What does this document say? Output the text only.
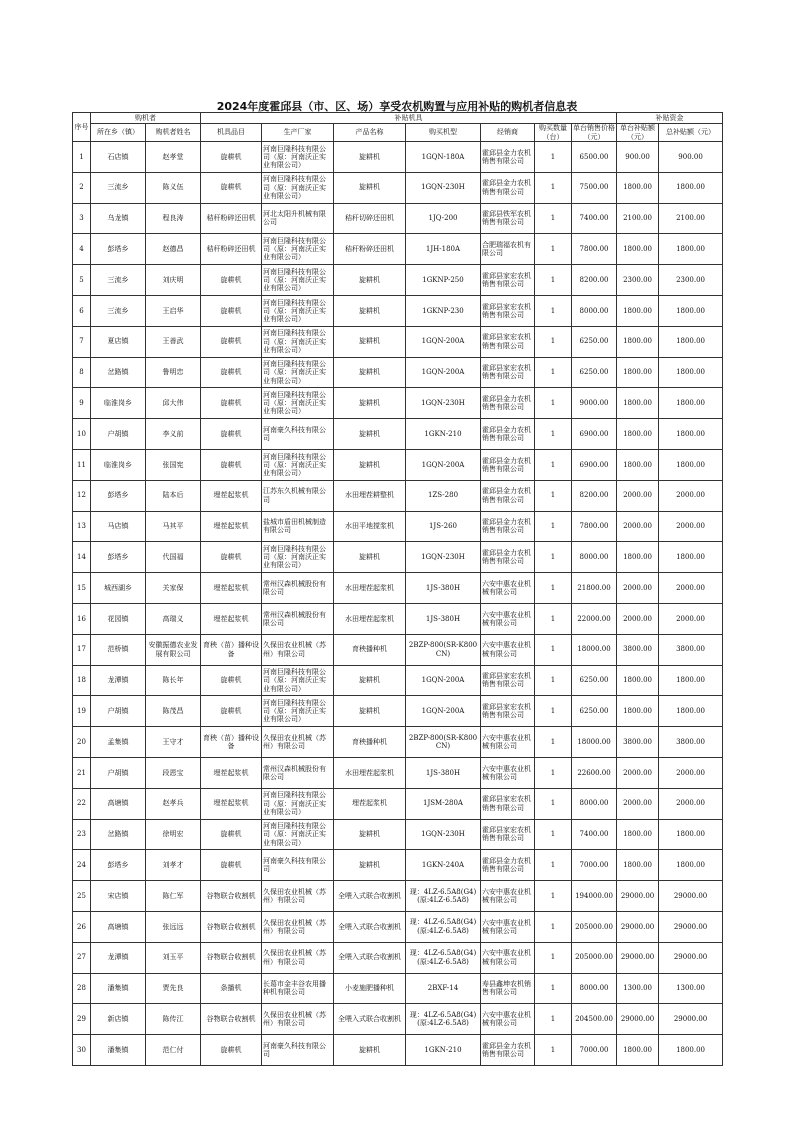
2024年度霍邱县（市、区、场）享受农机购置与应用补贴的购机者信息表
序号	购机者		补贴机具							补贴资金	
	所在乡（镇）	购机者姓名	机具品目	生产厂家	产品名称	购买机型	经销商	购买数量（台）	单台销售价格（元）	单台补贴额（元）	总补贴额（元）
1	石店镇	赵孝堂	旋耕机	河南巨隆科技有限公司（原：河南沃正实业有限公司）	旋耕机	1GQN-180A	霍邱县金力农机销售有限公司	1	6500.00	900.00	900.00
2	三流乡	陈义伍	旋耕机	河南巨隆科技有限公司（原：河南沃正实业有限公司）	旋耕机	1GQN-230H	霍邱县金力农机销售有限公司	1	7500.00	1800.00	1800.00
3	乌龙镇	程良涛	秸秆粉碎还田机	河北太阳升机械有限公司	秸秆切碎还田机	1JQ-200	霍邱县铁军农机销售有限公司	1	7400.00	2100.00	2100.00
4	彭塔乡	赵德昌	秸秆粉碎还田机	河南巨隆科技有限公司（原：河南沃正实业有限公司）	秸秆粉碎还田机	1JH-180A	合肥瑞福农机有限公司	1	7800.00	1800.00	1800.00
5	三流乡	刘庆明	旋耕机	河南巨隆科技有限公司（原：河南沃正实业有限公司）	旋耕机	1GKNP-250	霍邱县家宏农机销售有限公司	1	8200.00	2300.00	2300.00
6	三流乡	王启华	旋耕机	河南巨隆科技有限公司（原：河南沃正实业有限公司）	旋耕机	1GKNP-230	霍邱县家宏农机销售有限公司	1	8000.00	1800.00	1800.00
7	夏店镇	王善武	旋耕机	河南巨隆科技有限公司（原：河南沃正实业有限公司）	旋耕机	1GQN-200A	霍邱县家宏农机销售有限公司	1	6250.00	1800.00	1800.00
8	岔路镇	鲁明忠	旋耕机	河南巨隆科技有限公司（原：河南沃正实业有限公司）	旋耕机	1GQN-200A	霍邱县家宏农机销售有限公司	1	6250.00	1800.00	1800.00
9	临淮岗乡	邱大伟	旋耕机	河南巨隆科技有限公司（原：河南沃正实业有限公司）	旋耕机	1GQN-230H	霍邱县金力农机销售有限公司	1	9000.00	1800.00	1800.00
10	户胡镇	李义前	旋耕机	河南豪久科技有限公司	旋耕机	1GKN-210	霍邱县金力农机销售有限公司	1	6900.00	1800.00	1800.00
11	临淮岗乡	张国宪	旋耕机	河南巨隆科技有限公司（原：河南沃正实业有限公司）	旋耕机	1GQN-200A	霍邱县金力农机销售有限公司	1	6900.00	1800.00	1800.00
12	彭塔乡	陆本后	埋茬起浆机	江苏东久机械有限公司	水田埋茬耕整机	1ZS-280	霍邱县金力农机销售有限公司	1	8200.00	2000.00	2000.00
13	马店镇	马其平	埋茬起浆机	盐城市盾田机械制造有限公司	水田平地搅浆机	1JS-260	霍邱县金力农机销售有限公司	1	7800.00	2000.00	2000.00
14	彭塔乡	代国福	旋耕机	河南巨隆科技有限公司（原：河南沃正实业有限公司）	旋耕机	1GQN-230H	霍邱县金力农机销售有限公司	1	8000.00	1800.00	1800.00
15	城西湖乡	关家保	埋茬起浆机	常州汉森机械股份有限公司	水田埋茬起浆机	1JS-380H	六安中惠农业机械有限公司	1	21800.00	2000.00	2000.00
16	花园镇	高瑞义	埋茬起浆机	常州汉森机械股份有限公司	水田埋茬起浆机	1JS-380H	六安中惠农业机械有限公司	1	22000.00	2000.00	2000.00
17	范桥镇	安徽振德农业发展有限公司	育秧（苗）播种设备	久保田农业机械（苏州）有限公司	育秧播种机	2BZP-800(SR-K800CN)	六安中惠农业机械有限公司	1	18000.00	3800.00	3800.00
18	龙潭镇	陈长年	旋耕机	河南巨隆科技有限公司（原：河南沃正实业有限公司）	旋耕机	1GQN-200A	霍邱县家宏农机销售有限公司	1	6250.00	1800.00	1800.00
19	户胡镇	陈茂昌	旋耕机	河南巨隆科技有限公司（原：河南沃正实业有限公司）	旋耕机	1GQN-200A	霍邱县家宏农机销售有限公司	1	6250.00	1800.00	1800.00
20	孟集镇	王守才	育秧（苗）播种设备	久保田农业机械（苏州）有限公司	育秧播种机	2BZP-800(SR-K800CN)	六安中惠农业机械有限公司	1	18000.00	3800.00	3800.00
21	户胡镇	段恩宝	埋茬起浆机	常州汉森机械股份有限公司	水田埋茬起浆机	1JS-380H	六安中惠农业机械有限公司	1	22600.00	2000.00	2000.00
22	高塘镇	赵孝兵	埋茬起浆机	河南巨隆科技有限公司（原：河南沃正实业有限公司）	埋茬起浆机	1JSM-280A	霍邱县家宏农机销售有限公司	1	8000.00	2000.00	2000.00
23	岔路镇	徐明宏	旋耕机	河南巨隆科技有限公司（原：河南沃正实业有限公司）	旋耕机	1GQN-230H	霍邱县家宏农机销售有限公司	1	7400.00	1800.00	1800.00
24	彭塔乡	刘孝才	旋耕机	河南豪久科技有限公司	旋耕机	1GKN-240A	霍邱县金力农机销售有限公司	1	7000.00	1800.00	1800.00
25	宋店镇	陈仁军	谷物联合收割机	久保田农业机械（苏州）有限公司	全喂入式联合收割机	现：4LZ-6.5A8(G4)(原:4LZ-6.5A8)	六安中惠农业机械有限公司	1	194000.00	29000.00	29000.00
26	高塘镇	张远远	谷物联合收割机	久保田农业机械（苏州）有限公司	全喂入式联合收割机	现：4LZ-6.5A8(G4)(原:4LZ-6.5A8)	六安中惠农业机械有限公司	1	205000.00	29000.00	29000.00
27	龙潭镇	刘玉平	谷物联合收割机	久保田农业机械（苏州）有限公司	全喂入式联合收割机	现：4LZ-6.5A8(G4)(原:4LZ-6.5A8)	六安中惠农业机械有限公司	1	205000.00	29000.00	29000.00
28	潘集镇	贾先良	条播机	长葛市金丰谷农用播种机有限公司	小麦施肥播种机	2BXF-14	寿县鑫坤农机销售有限公司	1	8000.00	1300.00	1300.00
29	新店镇	陈传江	谷物联合收割机	久保田农业机械（苏州）有限公司	全喂入式联合收割机	现：4LZ-6.5A8(G4)(原:4LZ-6.5A8)	六安中惠农业机械有限公司	1	204500.00	29000.00	29000.00
30	潘集镇	范仁付	旋耕机	河南豪久科技有限公司	旋耕机	1GKN-210	霍邱县金力农机销售有限公司	1	7000.00	1800.00	1800.00
